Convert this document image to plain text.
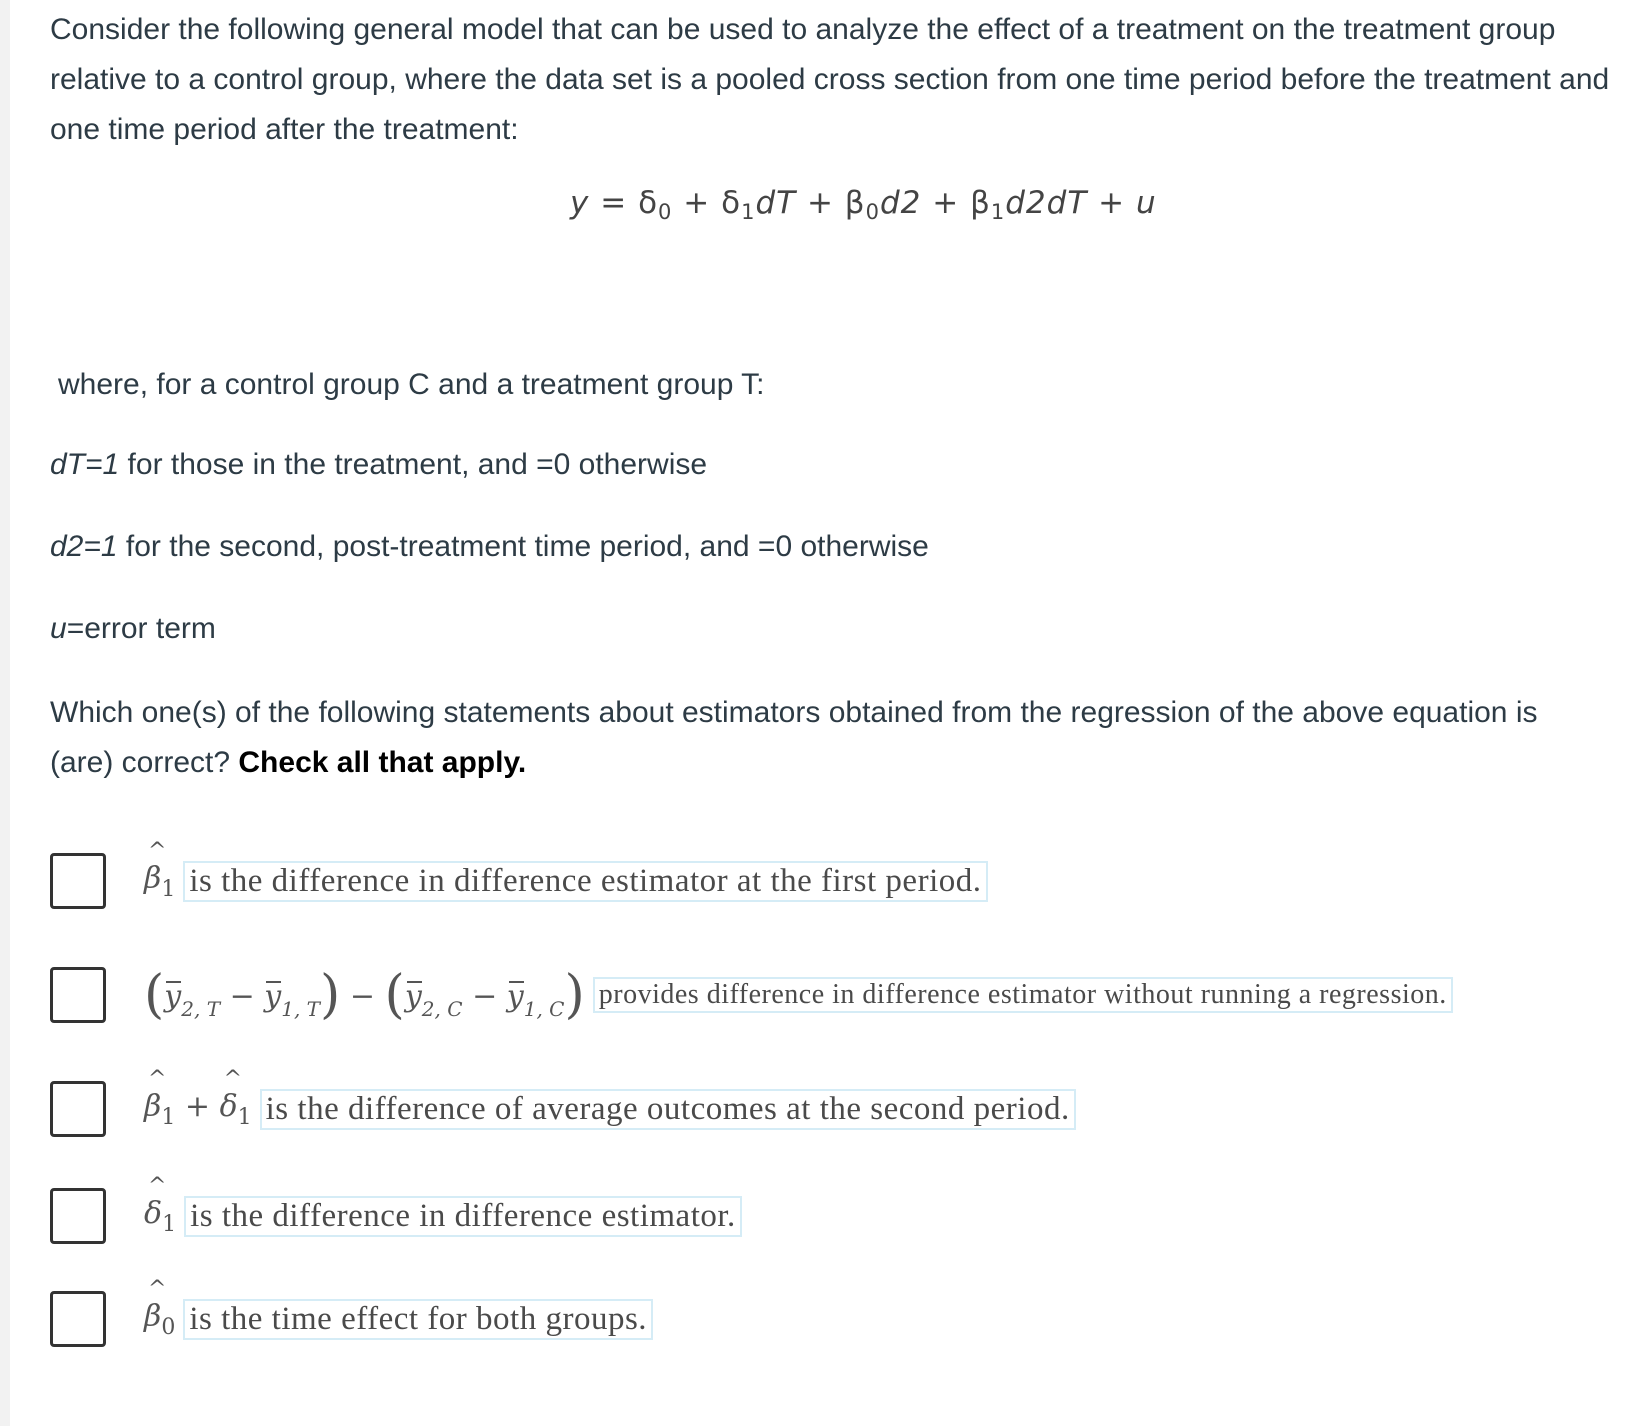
Consider the following general model that can be used to analyze the effect of a treatment on the treatment group relative to a control group, where the data set is a pooled cross section from one time period before the treatment and one time period after the treatment:

$y = \delta_0 + \delta_1dT + \beta_0d2 + \beta_1d2dT + u$

where, for a control group C and a treatment group T:

dT=1 for those in the treatment, and =0 otherwise

d2=1 for the second, post-treatment time period, and =0 otherwise

u=error term

Which one(s) of the following statements about estimators obtained from the regression of the above equation is (are) correct? Check all that apply.

^ $\beta_1$ is the difference in difference estimator at the first period.
$(y_{2, T} - y_{1, T}) - (y_{2, C} - y_{1, C})$ provides difference in difference estimator without running a regression.
^ $\beta_1$ + ^ $\delta_1$ is the difference of average outcomes at the second period.
^ $\delta_1$ is the difference in difference estimator.
^ $\beta_0$ is the time effect for both groups.
